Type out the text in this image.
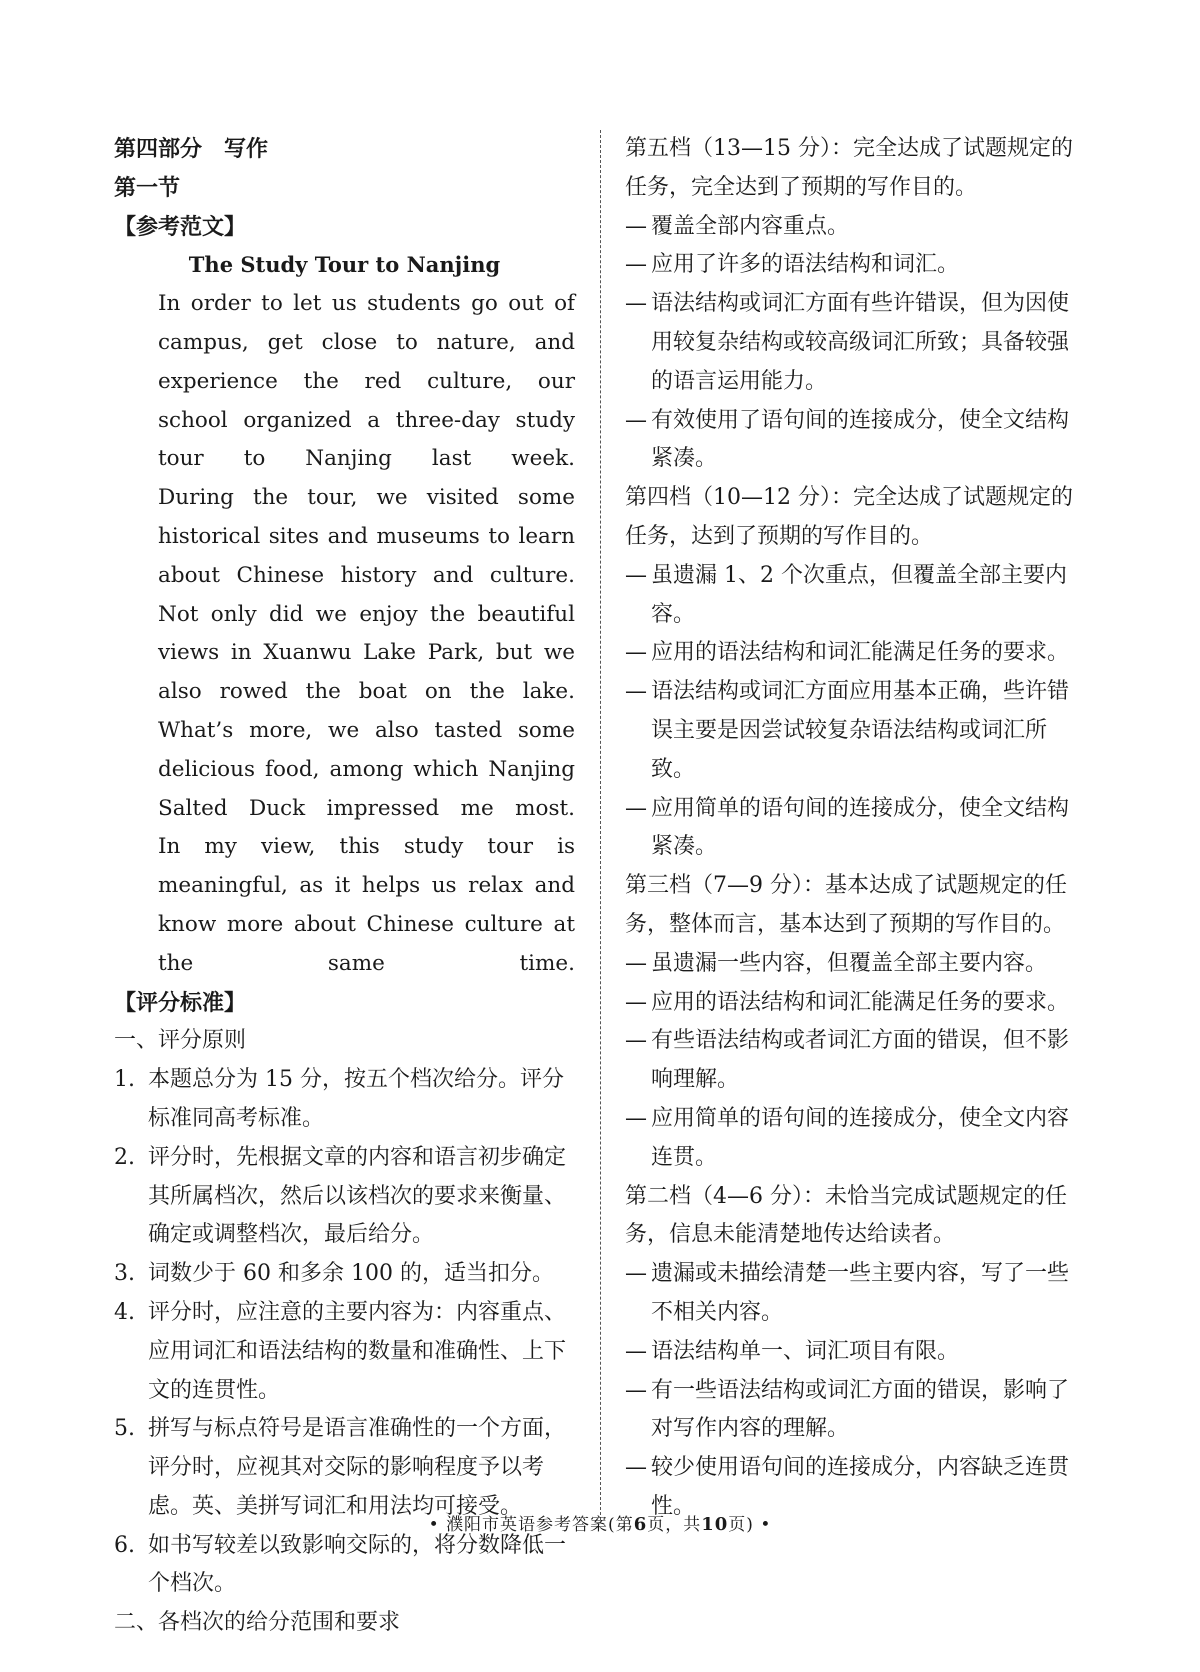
第四部分　写作
第一节
【参考范文】
The Study Tour to Nanjing

In order to let us students go out of campus, get close to nature, and experience the red culture, our school organized a three-day study tour to Nanjing last week.

During the tour, we visited some historical sites and museums to learn about Chinese history and culture. Not only did we enjoy the beautiful views in Xuanwu Lake Park, but we also rowed the boat on the lake. What’s more, we also tasted some delicious food, among which Nanjing Salted Duck impressed me most.

In my view, this study tour is meaningful, as it helps us relax and know more about Chinese culture at the same time.

【评分标准】
一、评分原则
1. 本题总分为 15 分，按五个档次给分。评分标准同高考标准。
2. 评分时，先根据文章的内容和语言初步确定其所属档次，然后以该档次的要求来衡量、确定或调整档次，最后给分。
3. 词数少于 60 和多余 100 的，适当扣分。
4. 评分时，应注意的主要内容为：内容重点、应用词汇和语法结构的数量和准确性、上下文的连贯性。
5. 拼写与标点符号是语言准确性的一个方面，评分时，应视其对交际的影响程度予以考虑。英、美拼写词汇和用法均可接受。
6. 如书写较差以致影响交际的，将分数降低一个档次。
二、各档次的给分范围和要求
第五档（13—15 分）：完全达成了试题规定的任务，完全达到了预期的写作目的。
— 覆盖全部内容重点。
— 应用了许多的语法结构和词汇。
— 语法结构或词汇方面有些许错误，但为因使用较复杂结构或较高级词汇所致；具备较强的语言运用能力。
— 有效使用了语句间的连接成分，使全文结构紧凑。
第四档（10—12 分）：完全达成了试题规定的任务，达到了预期的写作目的。
— 虽遗漏 1、2 个次重点，但覆盖全部主要内容。
— 应用的语法结构和词汇能满足任务的要求。
— 语法结构或词汇方面应用基本正确，些许错误主要是因尝试较复杂语法结构或词汇所致。
— 应用简单的语句间的连接成分，使全文结构紧凑。
第三档（7—9 分）：基本达成了试题规定的任务，整体而言，基本达到了预期的写作目的。
— 虽遗漏一些内容，但覆盖全部主要内容。
— 应用的语法结构和词汇能满足任务的要求。
— 有些语法结构或者词汇方面的错误，但不影响理解。
— 应用简单的语句间的连接成分，使全文内容连贯。
第二档（4—6 分）：未恰当完成试题规定的任务，信息未能清楚地传达给读者。
— 遗漏或未描绘清楚一些主要内容，写了一些不相关内容。
— 语法结构单一、词汇项目有限。
— 有一些语法结构或词汇方面的错误，影响了对写作内容的理解。
— 较少使用语句间的连接成分，内容缺乏连贯性。
• 濮阳市英语参考答案(第6页，共10页) •
